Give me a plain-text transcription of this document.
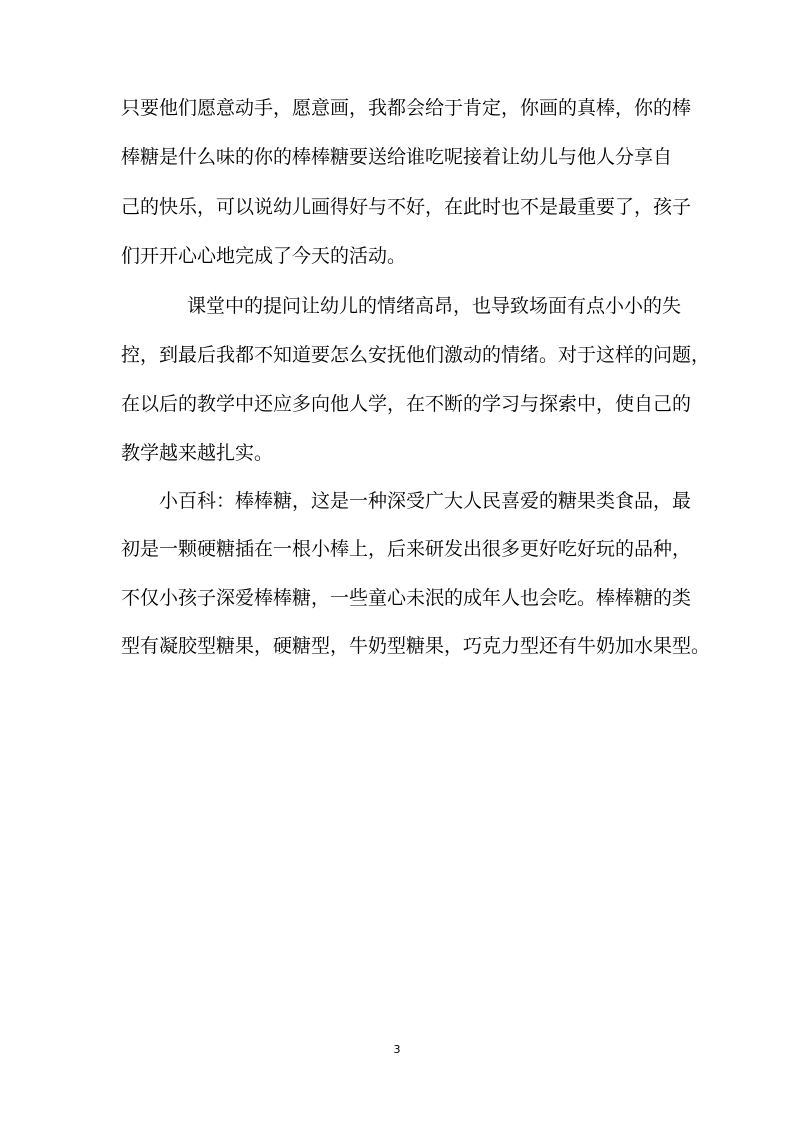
只要他们愿意动手，愿意画，我都会给于肯定，你画的真棒，你的棒
棒糖是什么味的你的棒棒糖要送给谁吃呢接着让幼儿与他人分享自
己的快乐，可以说幼儿画得好与不好，在此时也不是最重要了，孩子
们开开心心地完成了今天的活动。
课堂中的提问让幼儿的情绪高昂，也导致场面有点小小的失
控，到最后我都不知道要怎么安抚他们激动的情绪。对于这样的问题，
在以后的教学中还应多向他人学，在不断的学习与探索中，使自己的
教学越来越扎实。
小百科：棒棒糖，这是一种深受广大人民喜爱的糖果类食品，最
初是一颗硬糖插在一根小棒上，后来研发出很多更好吃好玩的品种，
不仅小孩子深爱棒棒糖，一些童心未泯的成年人也会吃。棒棒糖的类
型有凝胶型糖果，硬糖型，牛奶型糖果，巧克力型还有牛奶加水果型。
3
